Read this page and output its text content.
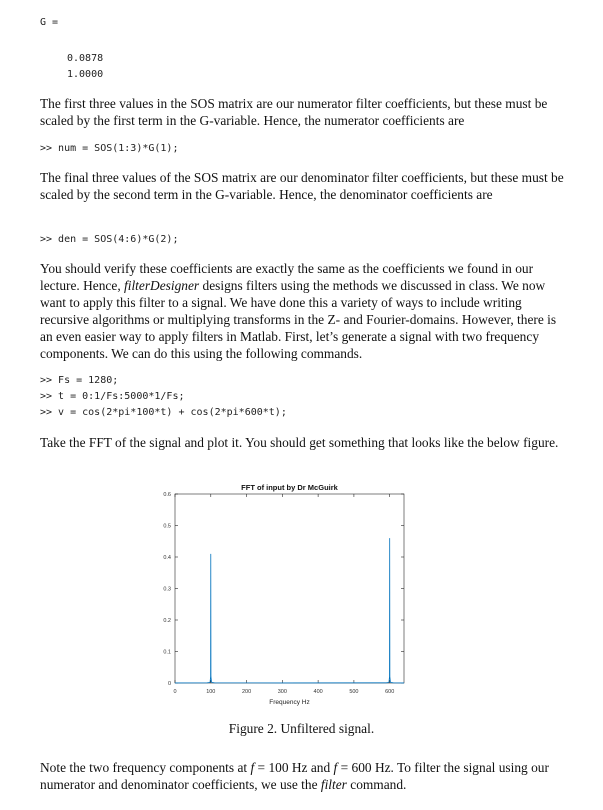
G =
0.0878
1.0000

The first three values in the SOS matrix are our numerator filter coefficients, but these must be scaled by the first term in the G-variable. Hence, the numerator coefficients are

>> num = SOS(1:3)*G(1);

The final three values of the SOS matrix are our denominator filter coefficients, but these must be scaled by the second term in the G-variable. Hence, the denominator coefficients are

>> den = SOS(4:6)*G(2);

You should verify these coefficients are exactly the same as the coefficients we found in our lecture. Hence, filterDesigner designs filters using the methods we discussed in class. We now want to apply this filter to a signal. We have done this a variety of ways to include writing recursive algorithms or multiplying transforms in the Z- and Fourier-domains. However, there is an even easier way to apply filters in Matlab. First, let’s generate a signal with two frequency components. We can do this using the following commands.

>> Fs = 1280;
>> t = 0:1/Fs:5000*1/Fs;
>> v = cos(2*pi*100*t) + cos(2*pi*600*t);

Take the FFT of the signal and plot it. You should get something that looks like the below figure.

FFT of input by Dr McGuirk
0
0.1
0.2
0.3
0.4
0.5
0.6
0	100	200	300	400	500	600
Frequency Hz
Figure 2. Unfiltered signal.

Note the two frequency components at f = 100 Hz and f = 600 Hz. To filter the signal using our numerator and denominator coefficients, we use the filter command.
